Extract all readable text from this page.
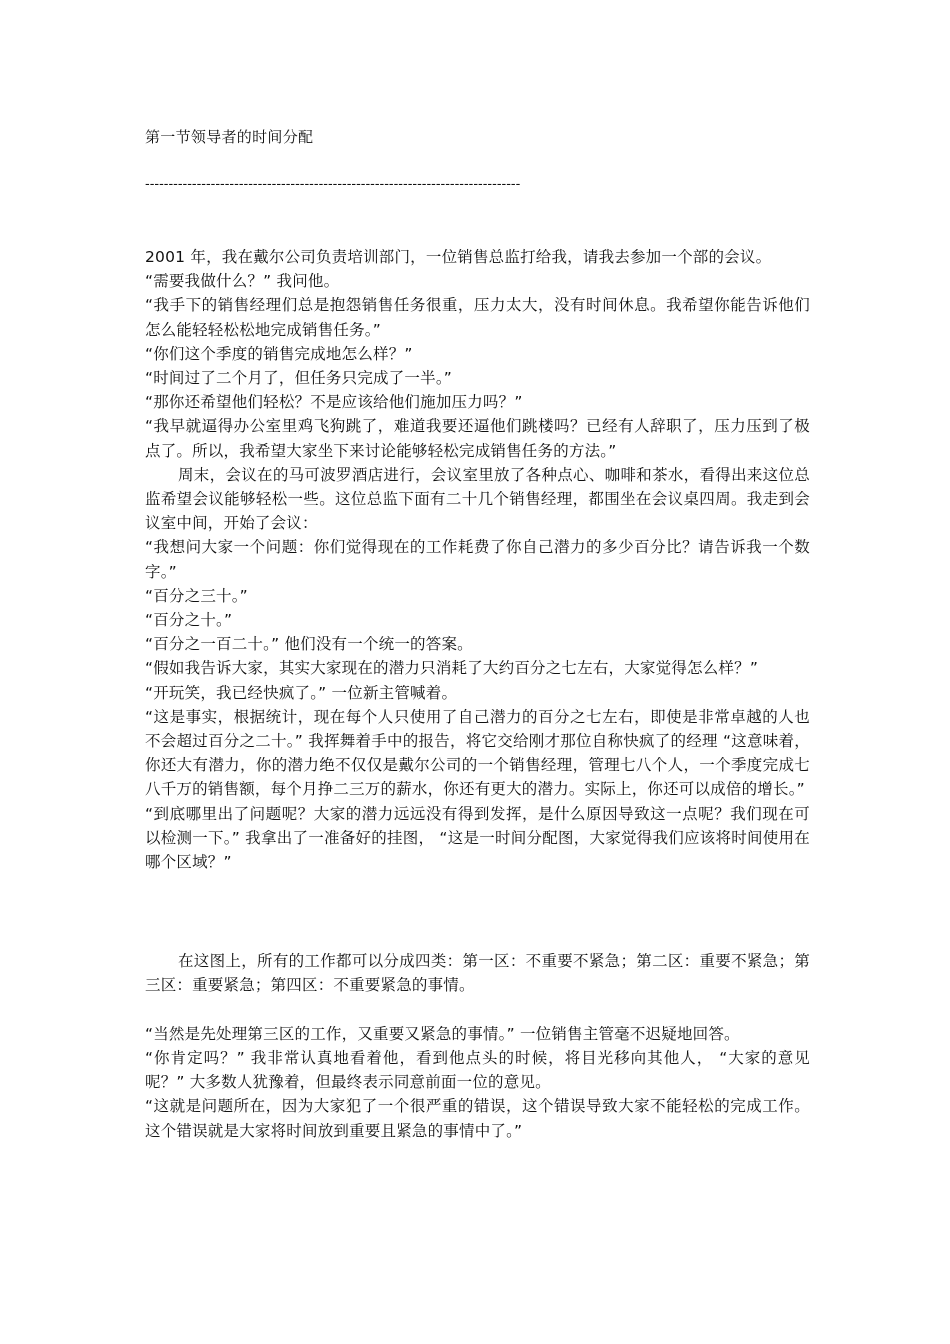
第一节领导者的时间分配

--------------------------------------------------------------------------------

2001 年，我在戴尔公司负责培训部门，一位销售总监打给我，请我去参加一个部的会议。

“需要我做什么？” 我问他。

“我手下的销售经理们总是抱怨销售任务很重，压力太大，没有时间休息。我希望你能告诉他们怎么能轻轻松松地完成销售任务。”

“你们这个季度的销售完成地怎么样？”

“时间过了二个月了，但任务只完成了一半。”

“那你还希望他们轻松？不是应该给他们施加压力吗？”

“我早就逼得办公室里鸡飞狗跳了，难道我要还逼他们跳楼吗？已经有人辞职了，压力压到了极点了。所以，我希望大家坐下来讨论能够轻松完成销售任务的方法。”

周末，会议在的马可波罗酒店进行，会议室里放了各种点心、咖啡和茶水，看得出来这位总监希望会议能够轻松一些。这位总监下面有二十几个销售经理，都围坐在会议桌四周。我走到会议室中间，开始了会议：

“我想问大家一个问题：你们觉得现在的工作耗费了你自己潜力的多少百分比？请告诉我一个数字。”

“百分之三十。”

“百分之十。”

“百分之一百二十。” 他们没有一个统一的答案。

“假如我告诉大家，其实大家现在的潜力只消耗了大约百分之七左右，大家觉得怎么样？”

“开玩笑，我已经快疯了。” 一位新主管喊着。

“这是事实，根据统计，现在每个人只使用了自己潜力的百分之七左右，即使是非常卓越的人也不会超过百分之二十。” 我挥舞着手中的报告，将它交给刚才那位自称快疯了的经理 “这意味着，你还大有潜力，你的潜力绝不仅仅是戴尔公司的一个销售经理，管理七八个人，一个季度完成七八千万的销售额，每个月挣二三万的薪水，你还有更大的潜力。实际上，你还可以成倍的增长。”

“到底哪里出了问题呢？大家的潜力远远没有得到发挥，是什么原因导致这一点呢？我们现在可以检测一下。” 我拿出了一准备好的挂图， “这是一时间分配图，大家觉得我们应该将时间使用在哪个区域？”

在这图上，所有的工作都可以分成四类：第一区：不重要不紧急；第二区：重要不紧急；第三区：重要紧急；第四区：不重要紧急的事情。

“当然是先处理第三区的工作，又重要又紧急的事情。” 一位销售主管毫不迟疑地回答。

“你肯定吗？” 我非常认真地看着他，看到他点头的时候，将目光移向其他人， “大家的意见呢？” 大多数人犹豫着，但最终表示同意前面一位的意见。

“这就是问题所在，因为大家犯了一个很严重的错误，这个错误导致大家不能轻松的完成工作。这个错误就是大家将时间放到重要且紧急的事情中了。”
